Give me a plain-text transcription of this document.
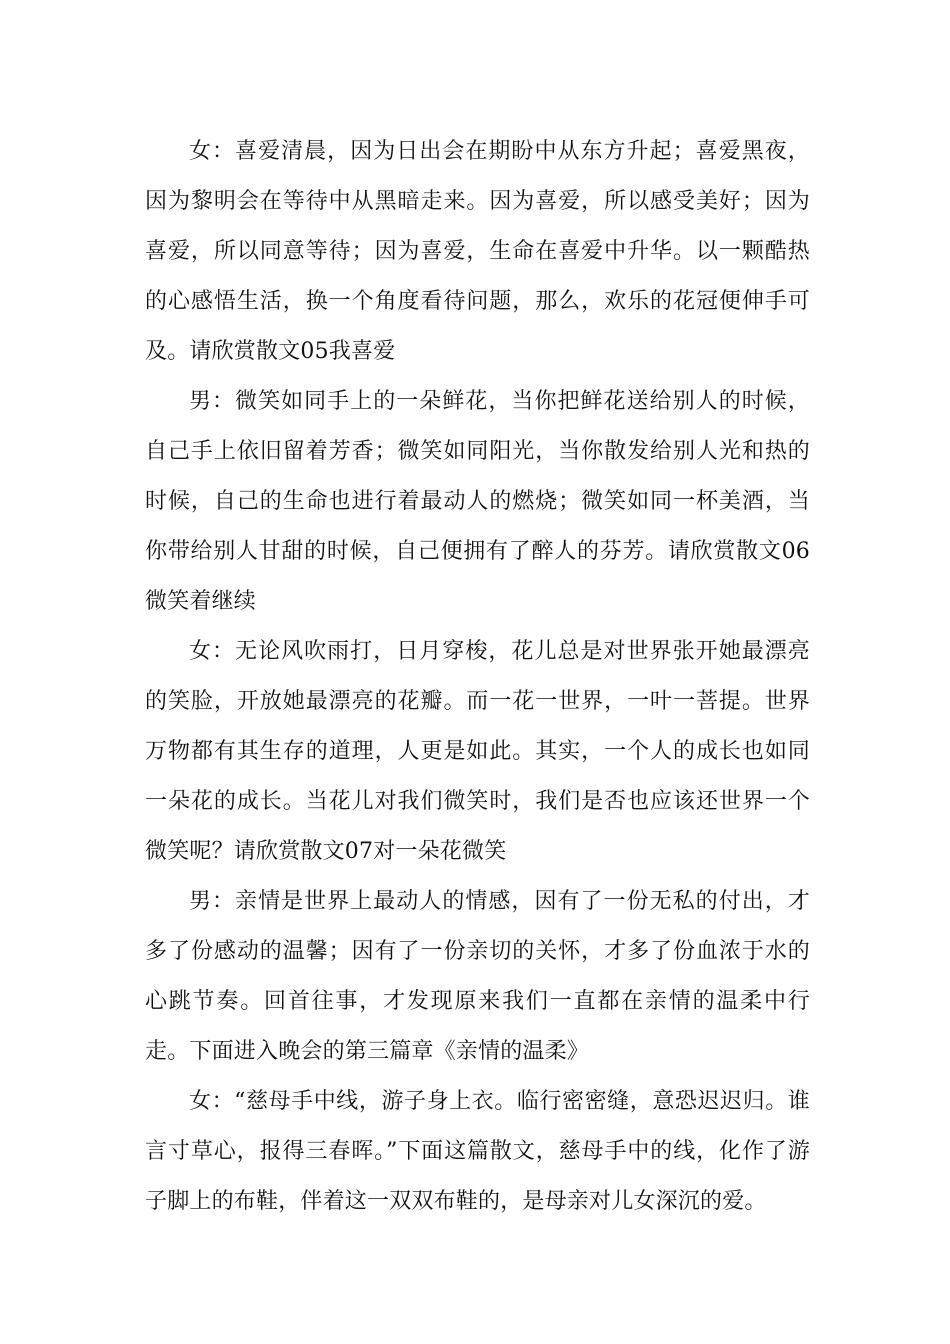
女：喜爱清晨，因为日出会在期盼中从东方升起；喜爱黑夜，因为黎明会在等待中从黑暗走来。因为喜爱，所以感受美好；因为喜爱，所以同意等待；因为喜爱，生命在喜爱中升华。以一颗酷热的心感悟生活，换一个角度看待问题，那么，欢乐的花冠便伸手可及。请欣赏散文05我喜爱

男：微笑如同手上的一朵鲜花，当你把鲜花送给别人的时候，自己手上依旧留着芳香；微笑如同阳光，当你散发给别人光和热的时候，自己的生命也进行着最动人的燃烧；微笑如同一杯美酒，当你带给别人甘甜的时候，自己便拥有了醉人的芬芳。请欣赏散文06微笑着继续

女：无论风吹雨打，日月穿梭，花儿总是对世界张开她最漂亮的笑脸，开放她最漂亮的花瓣。而一花一世界，一叶一菩提。世界万物都有其生存的道理，人更是如此。其实，一个人的成长也如同一朵花的成长。当花儿对我们微笑时，我们是否也应该还世界一个微笑呢？请欣赏散文07对一朵花微笑

男：亲情是世界上最动人的情感，因有了一份无私的付出，才多了份感动的温馨；因有了一份亲切的关怀，才多了份血浓于水的心跳节奏。回首往事，才发现原来我们一直都在亲情的温柔中行走。下面进入晚会的第三篇章《亲情的温柔》

女：“慈母手中线，游子身上衣。临行密密缝，意恐迟迟归。谁言寸草心，报得三春晖。”下面这篇散文，慈母手中的线，化作了游子脚上的布鞋，伴着这一双双布鞋的，是母亲对儿女深沉的爱。
